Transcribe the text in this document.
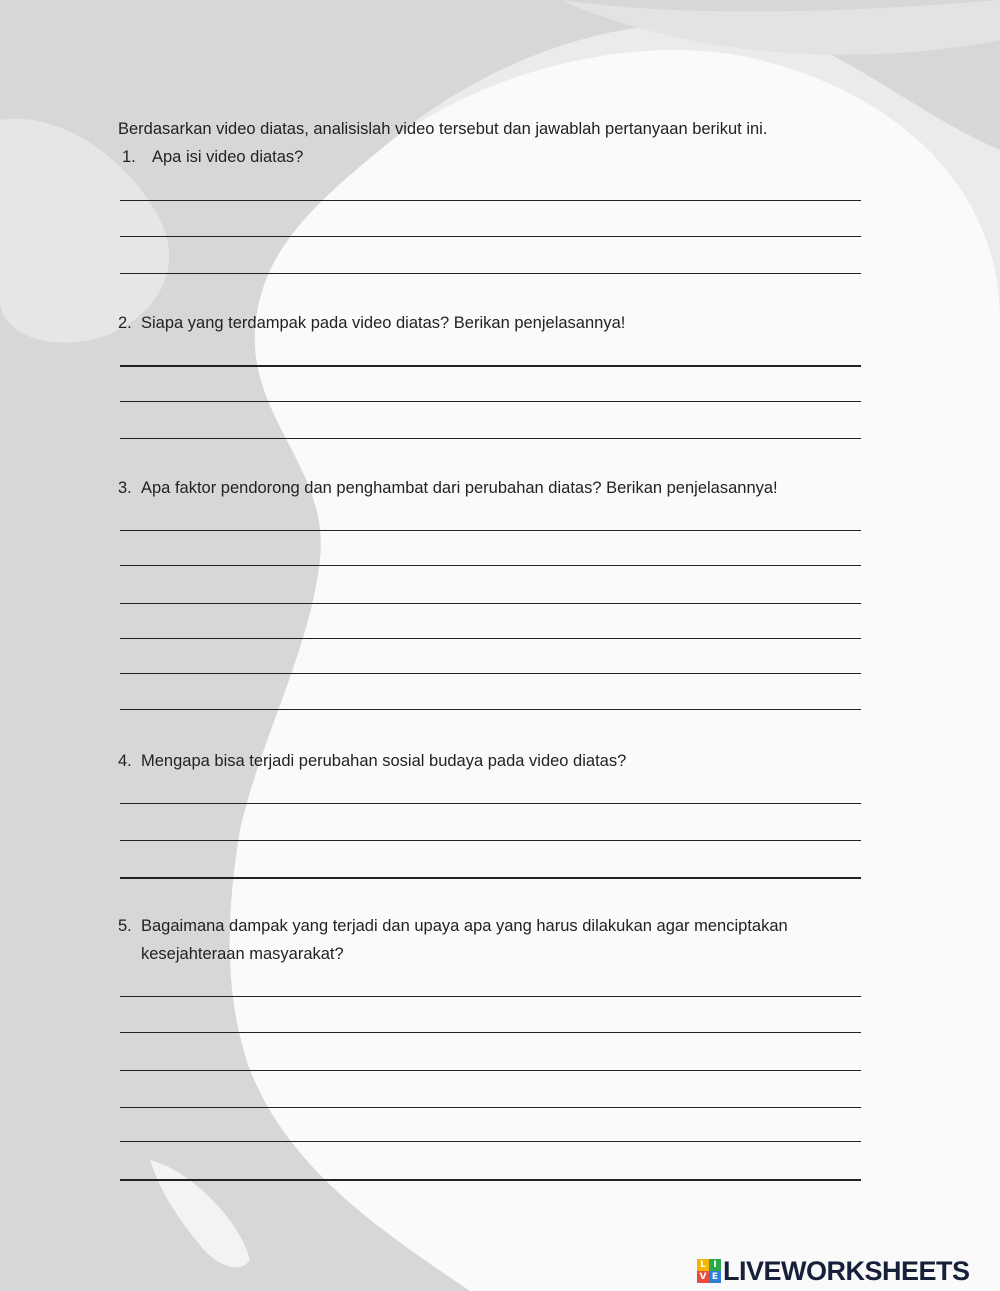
Berdasarkan video diatas, analisislah video tersebut dan jawablah pertanyaan berikut ini.
1. Apa isi video diatas?
2. Siapa yang terdampak pada video diatas? Berikan penjelasannya!
3. Apa faktor pendorong dan penghambat dari perubahan diatas? Berikan penjelasannya!
4. Mengapa bisa terjadi perubahan sosial budaya pada video diatas?
5. Bagaimana dampak yang terjadi dan upaya apa yang harus dilakukan agar menciptakan
kesejahteraan masyarakat?
L I
V E LIVEWORKSHEETS
